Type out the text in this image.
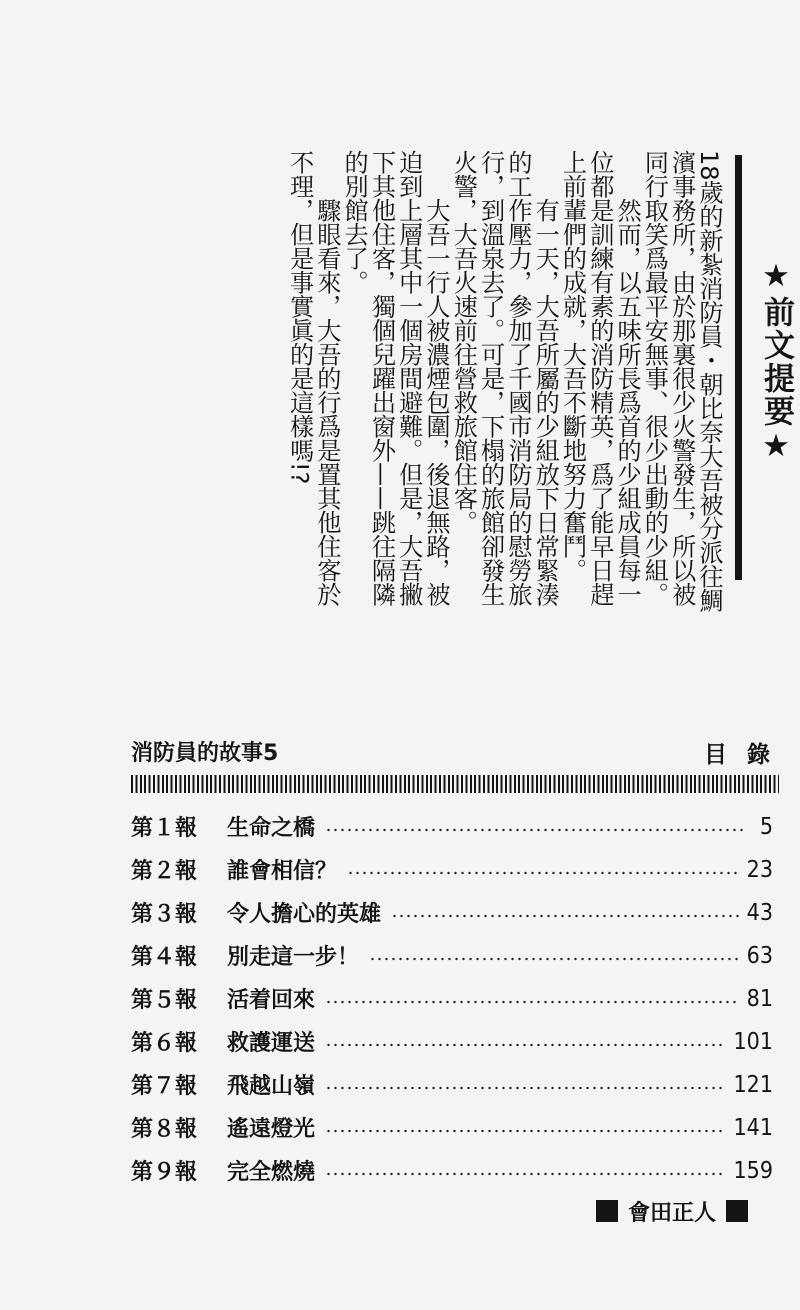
★前文提要★

18歲的新紮消防員・朝比奈大吾被分派往鯛濱事務所，由於那裏很少火警發生，所以被同行取笑爲最平安無事、很少出動的少組。

然而，以五味所長爲首的少組成員每一位都是訓練有素的消防精英，爲了能早日趕上前輩們的成就，大吾不斷地努力奮鬥。

有一天，大吾所屬的少組放下日常緊湊的工作壓力，參加了千國市消防局的慰勞旅行，到溫泉去了。可是，下榻的旅館卻發生火警，大吾火速前往營救旅館住客。

大吾一行人被濃煙包圍，後退無路，被迫到上層其中一個房間避難。但是，大吾撇下其他住客，獨個兒躍出窗外——跳往隔隣的別館去了。

驟眼看來，大吾的行爲是置其他住客於不理，但是事實眞的是這樣嗎!?

消防員的故事5	目錄
第１報	生命之橋	5
第２報	誰會相信？	23
第３報	令人擔心的英雄	43
第４報	別走這一步！	63
第５報	活着回來	81
第６報	救護運送	101
第７報	飛越山嶺	121
第８報	遙遠燈光	141
第９報	完全燃燒	159
會田正人
